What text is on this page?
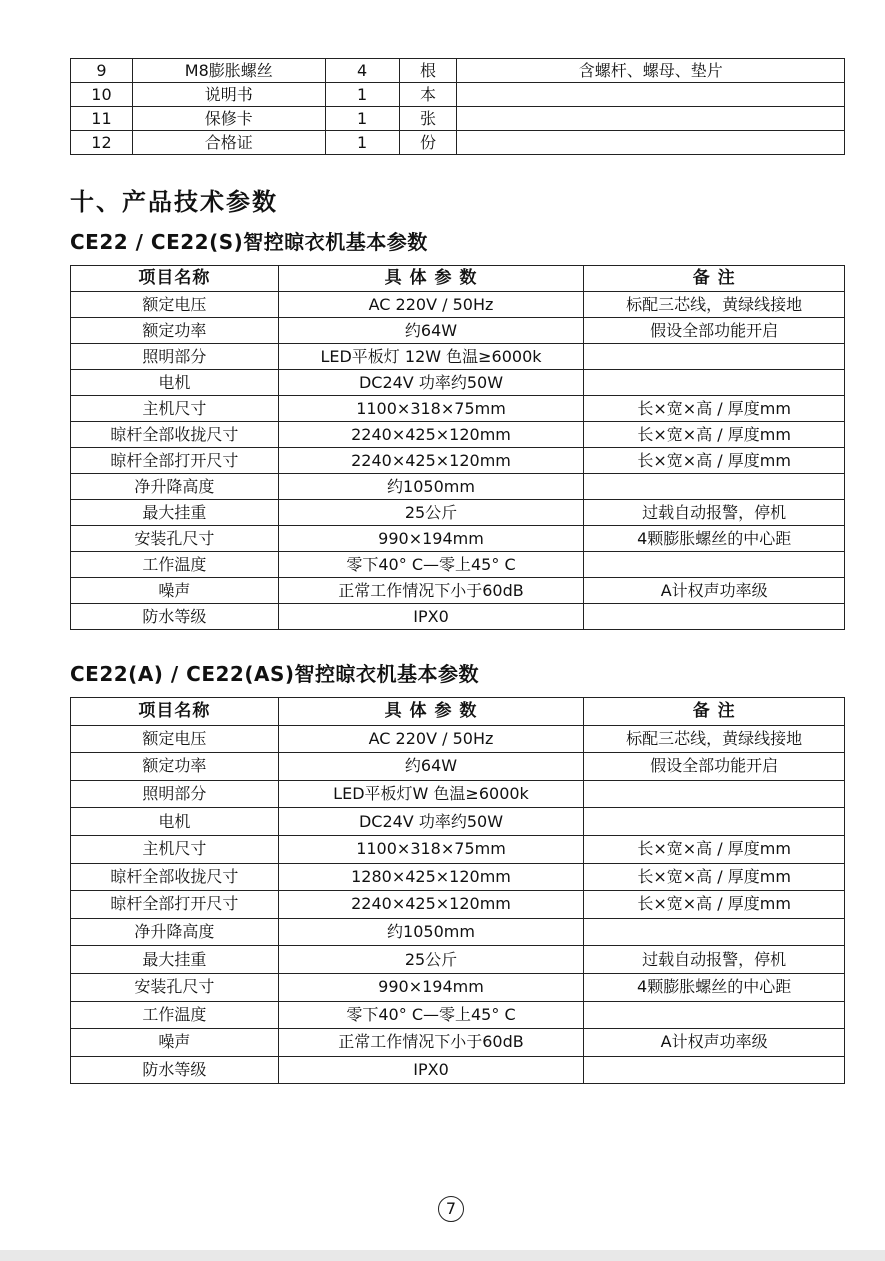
9	M8膨胀螺丝	4	根	含螺杆、螺母、垫片
10	说明书	1	本	
11	保修卡	1	张	
12	合格证	1	份	
十、产品技术参数
CE22 / CE22(S)智控晾衣机基本参数
项目名称	具 体 参 数	备 注
额定电压	AC 220V / 50Hz	标配三芯线，黄绿线接地
额定功率	约64W	假设全部功能开启
照明部分	LED平板灯 12W 色温≥6000k	
电机	DC24V 功率约50W	
主机尺寸	1100×318×75mm	长×宽×高 / 厚度mm
晾杆全部收拢尺寸	2240×425×120mm	长×宽×高 / 厚度mm
晾杆全部打开尺寸	2240×425×120mm	长×宽×高 / 厚度mm
净升降高度	约1050mm	
最大挂重	25公斤	过载自动报警，停机
安装孔尺寸	990×194mm	4颗膨胀螺丝的中心距
工作温度	零下40° C—零上45° C	
噪声	正常工作情况下小于60dB	A计权声功率级
防水等级	IPX0	
CE22(A) / CE22(AS)智控晾衣机基本参数
项目名称	具 体 参 数	备 注
额定电压	AC 220V / 50Hz	标配三芯线，黄绿线接地
额定功率	约64W	假设全部功能开启
照明部分	LED平板灯W 色温≥6000k	
电机	DC24V 功率约50W	
主机尺寸	1100×318×75mm	长×宽×高 / 厚度mm
晾杆全部收拢尺寸	1280×425×120mm	长×宽×高 / 厚度mm
晾杆全部打开尺寸	2240×425×120mm	长×宽×高 / 厚度mm
净升降高度	约1050mm	
最大挂重	25公斤	过载自动报警，停机
安装孔尺寸	990×194mm	4颗膨胀螺丝的中心距
工作温度	零下40° C—零上45° C	
噪声	正常工作情况下小于60dB	A计权声功率级
防水等级	IPX0	
7
